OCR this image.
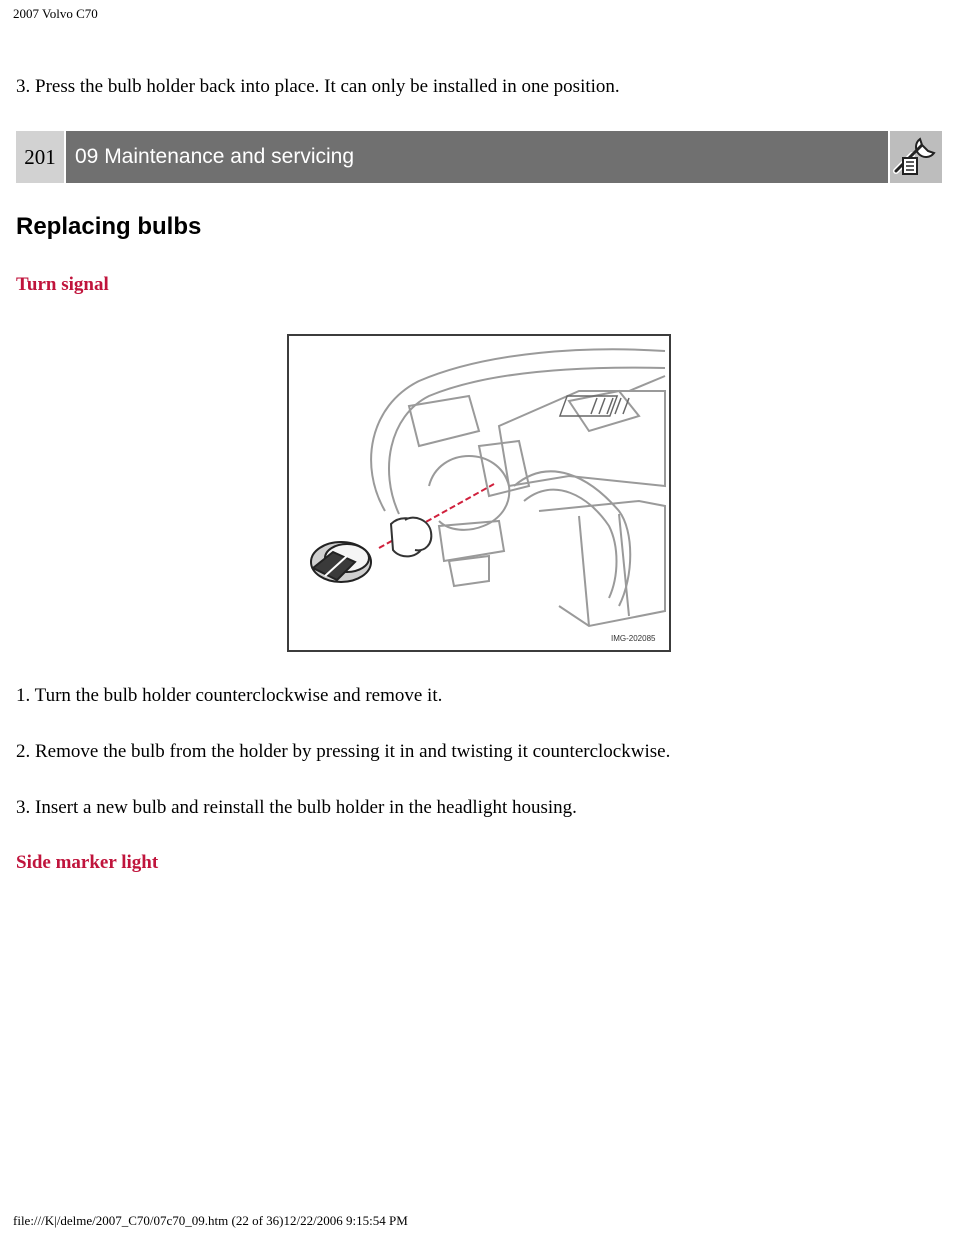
2007 Volvo C70
3. Press the bulb holder back into place. It can only be installed in one position.
201 09 Maintenance and servicing
Replacing bulbs
Turn signal
IMG-202085
1. Turn the bulb holder counterclockwise and remove it.
2. Remove the bulb from the holder by pressing it in and twisting it counterclockwise.
3. Insert a new bulb and reinstall the bulb holder in the headlight housing.
Side marker light
file:///K|/delme/2007_C70/07c70_09.htm (22 of 36)12/22/2006 9:15:54 PM
